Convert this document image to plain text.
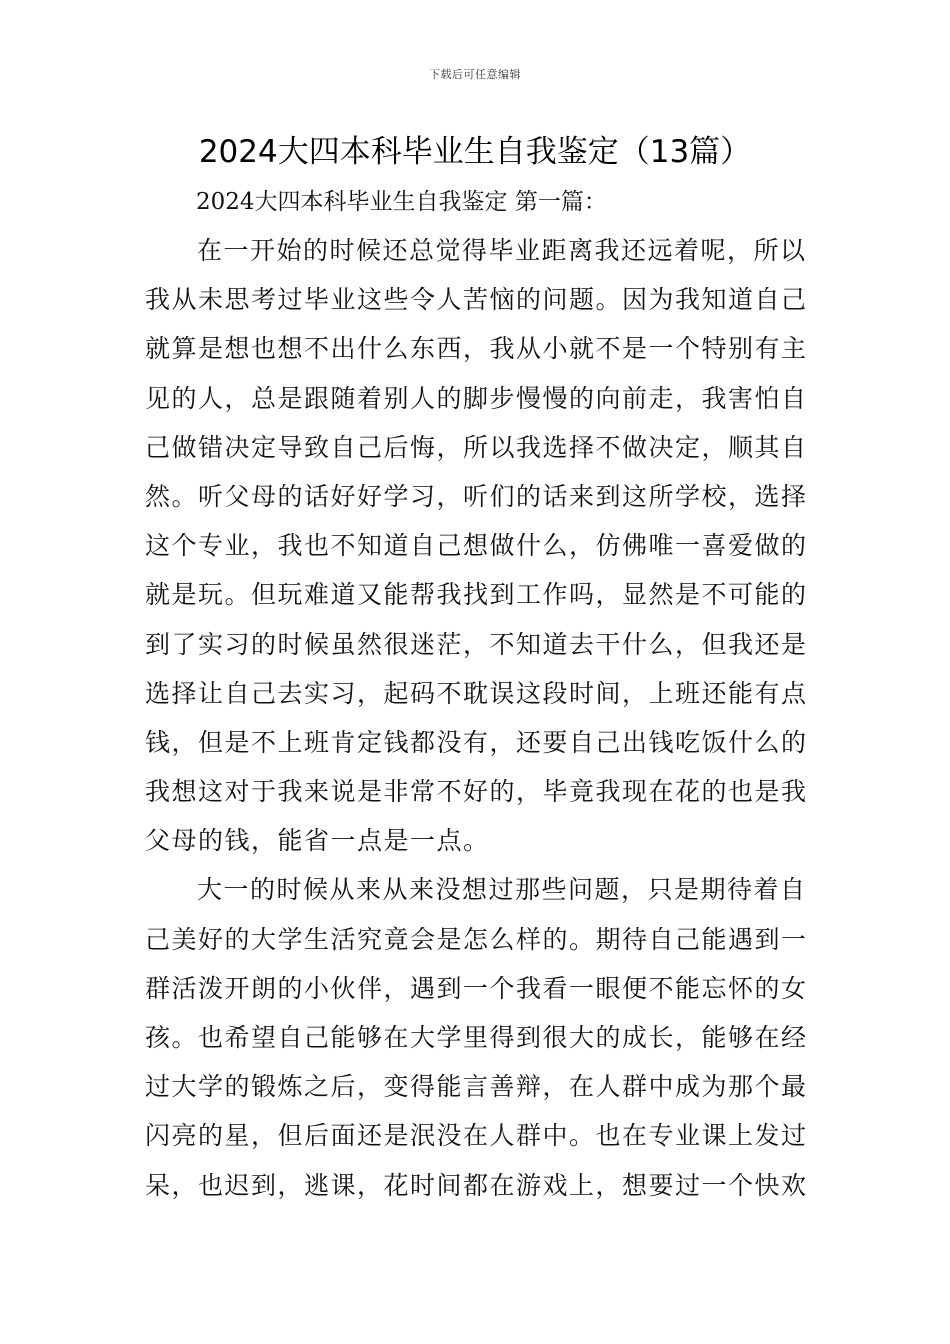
下载后可任意编辑
2024大四本科毕业生自我鉴定（13篇）
2024大四本科毕业生自我鉴定 第一篇：
在一开始的时候还总觉得毕业距离我还远着呢，所以
我从未思考过毕业这些令人苦恼的问题。因为我知道自己
就算是想也想不出什么东西，我从小就不是一个特别有主
见的人，总是跟随着别人的脚步慢慢的向前走，我害怕自
己做错决定导致自己后悔，所以我选择不做决定，顺其自
然。听父母的话好好学习，听们的话来到这所学校，选择
这个专业，我也不知道自己想做什么，仿佛唯一喜爱做的
就是玩。但玩难道又能帮我找到工作吗，显然是不可能的
到了实习的时候虽然很迷茫，不知道去干什么，但我还是
选择让自己去实习，起码不耽误这段时间，上班还能有点
钱，但是不上班肯定钱都没有，还要自己出钱吃饭什么的
我想这对于我来说是非常不好的，毕竟我现在花的也是我
父母的钱，能省一点是一点。
大一的时候从来从来没想过那些问题，只是期待着自
己美好的大学生活究竟会是怎么样的。期待自己能遇到一
群活泼开朗的小伙伴，遇到一个我看一眼便不能忘怀的女
孩。也希望自己能够在大学里得到很大的成长，能够在经
过大学的锻炼之后，变得能言善辩，在人群中成为那个最
闪亮的星，但后面还是泯没在人群中。也在专业课上发过
呆，也迟到，逃课，花时间都在游戏上，想要过一个快欢
